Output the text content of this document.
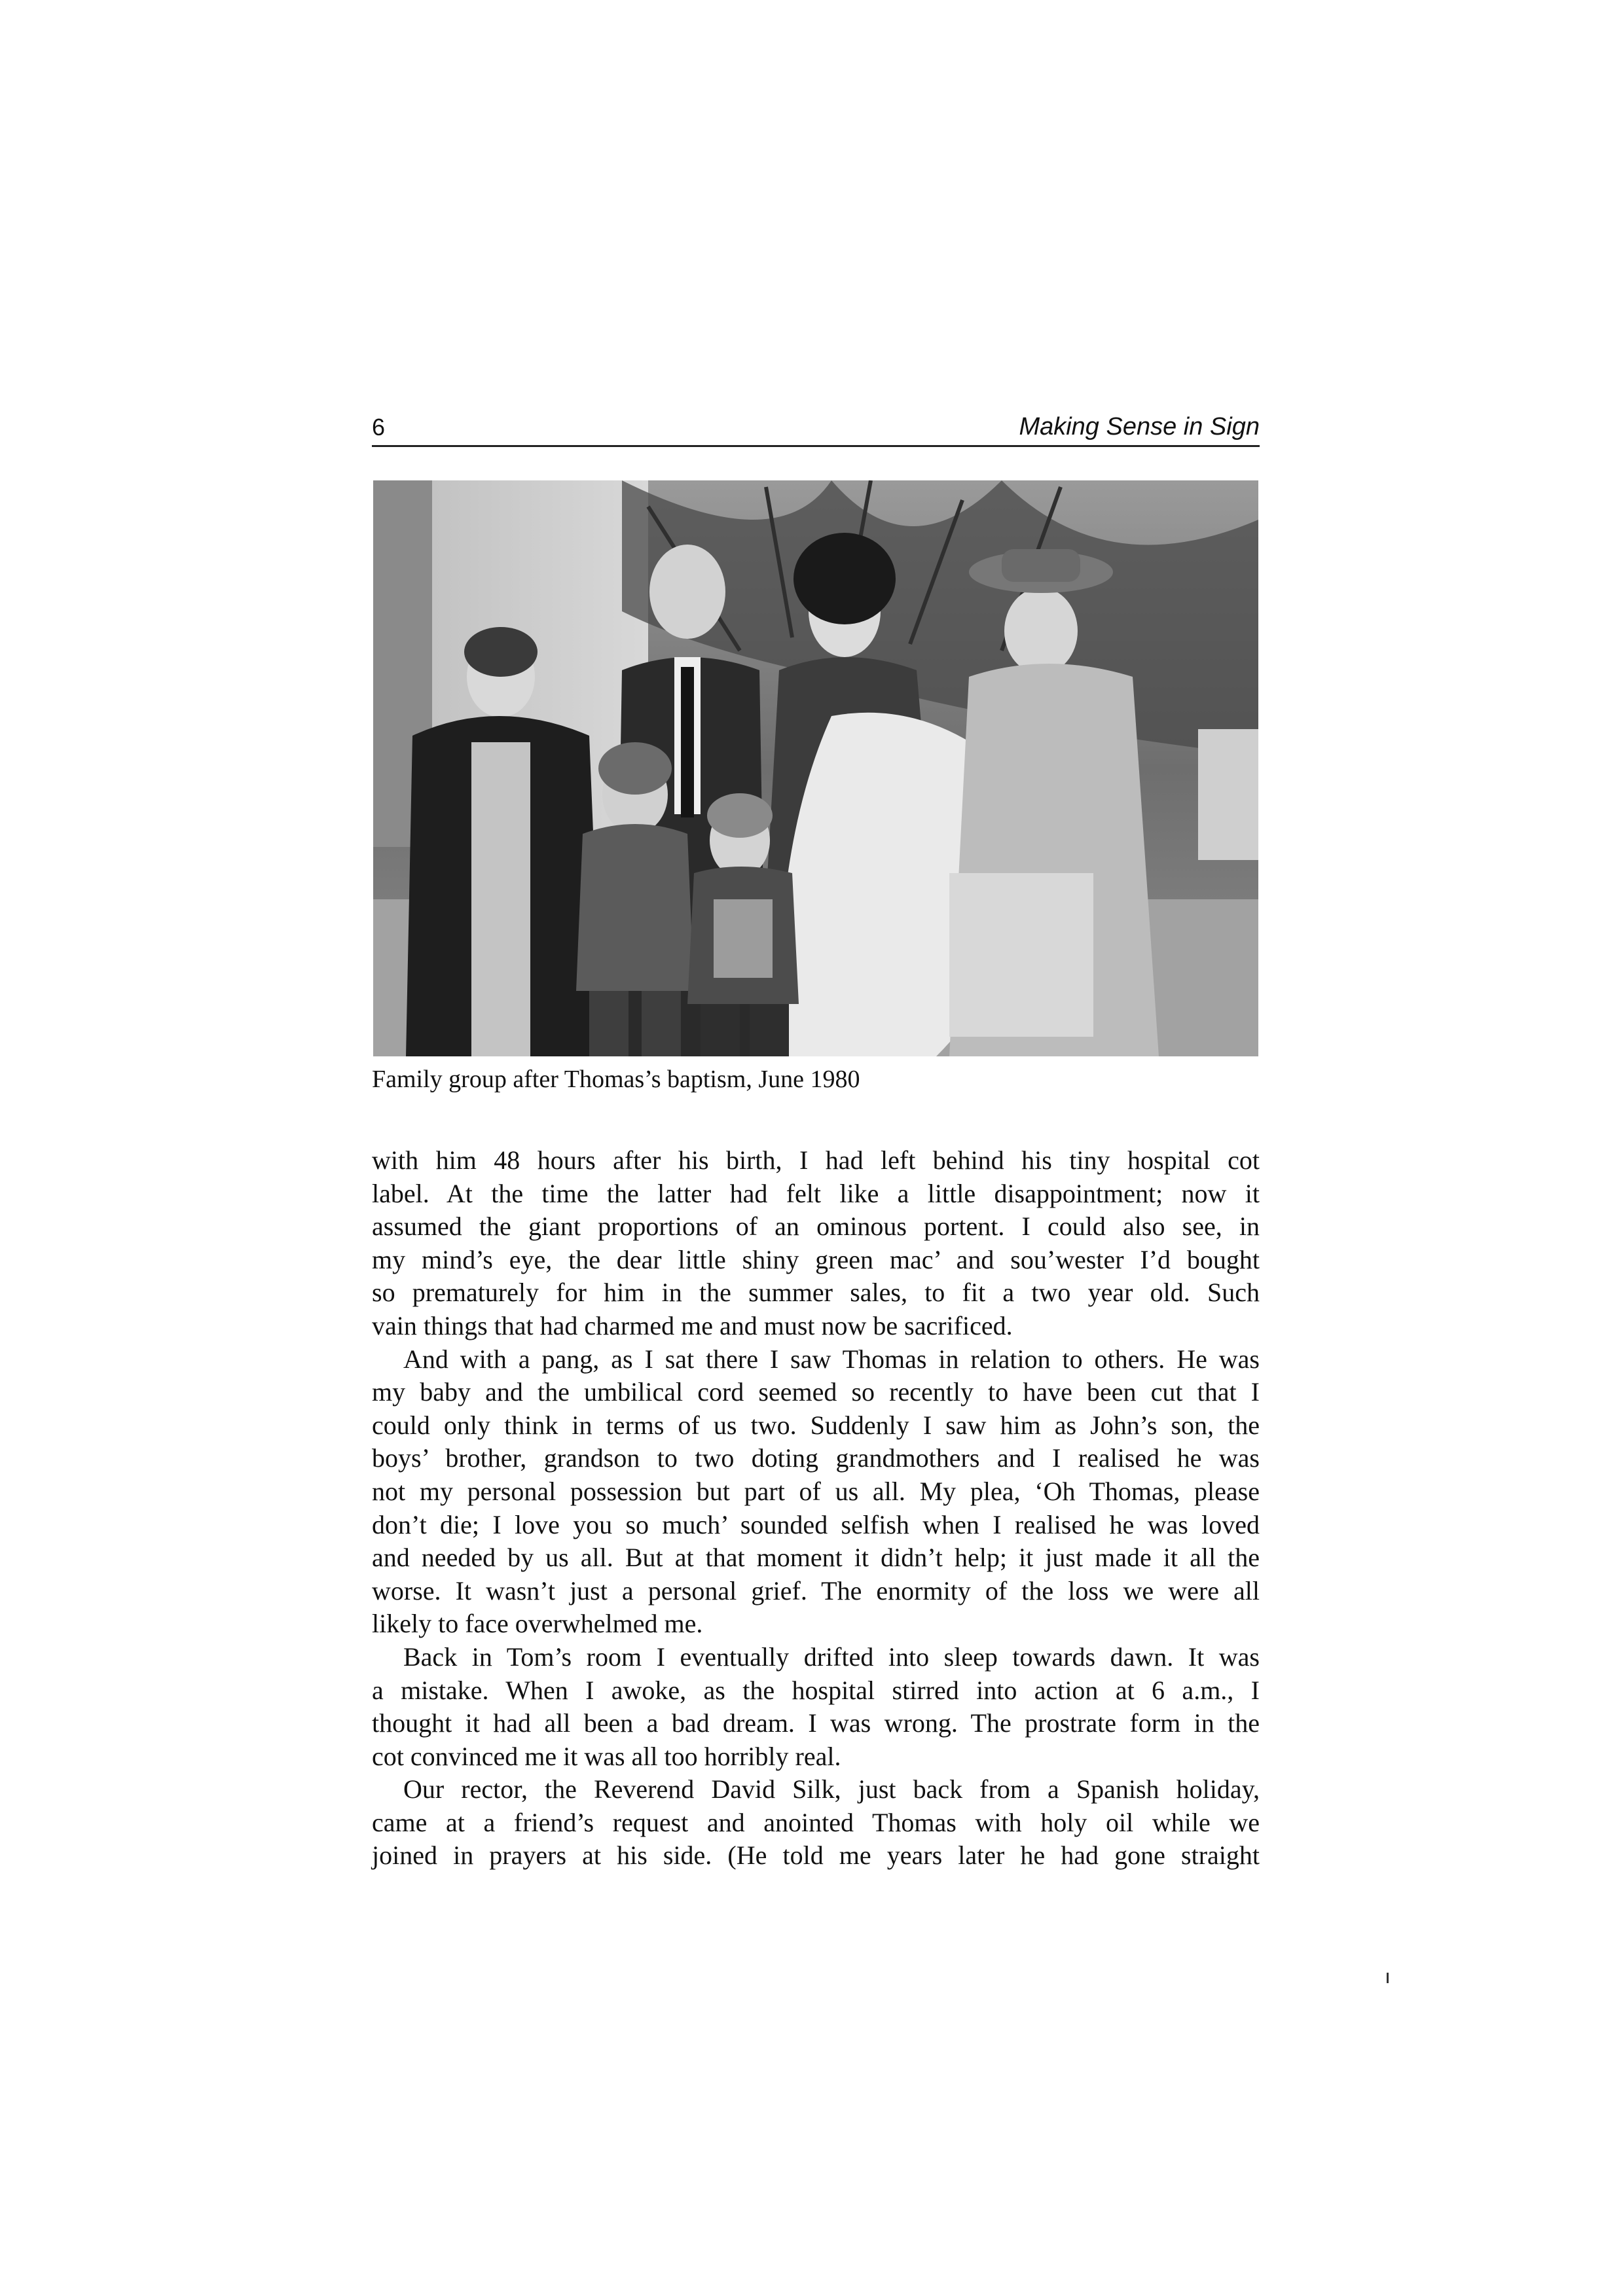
6	Making Sense in Sign
Family group after Thomas’s baptism, June 1980
with him 48 hours after his birth, I had left behind his tiny hospital cot
label. At the time the latter had felt like a little disappointment; now it
assumed the giant proportions of an ominous portent. I could also see, in
my mind’s eye, the dear little shiny green mac’ and sou’wester I’d bought
so prematurely for him in the summer sales, to fit a two year old. Such
vain things that had charmed me and must now be sacrificed.
And with a pang, as I sat there I saw Thomas in relation to others. He was
my baby and the umbilical cord seemed so recently to have been cut that I
could only think in terms of us two. Suddenly I saw him as John’s son, the
boys’ brother, grandson to two doting grandmothers and I realised he was
not my personal possession but part of us all. My plea, ‘Oh Thomas, please
don’t die; I love you so much’ sounded selfish when I realised he was loved
and needed by us all. But at that moment it didn’t help; it just made it all the
worse. It wasn’t just a personal grief. The enormity of the loss we were all
likely to face overwhelmed me.
Back in Tom’s room I eventually drifted into sleep towards dawn. It was
a mistake. When I awoke, as the hospital stirred into action at 6 a.m., I
thought it had all been a bad dream. I was wrong. The prostrate form in the
cot convinced me it was all too horribly real.
Our rector, the Reverend David Silk, just back from a Spanish holiday,
came at a friend’s request and anointed Thomas with holy oil while we
joined in prayers at his side. (He told me years later he had gone straight
